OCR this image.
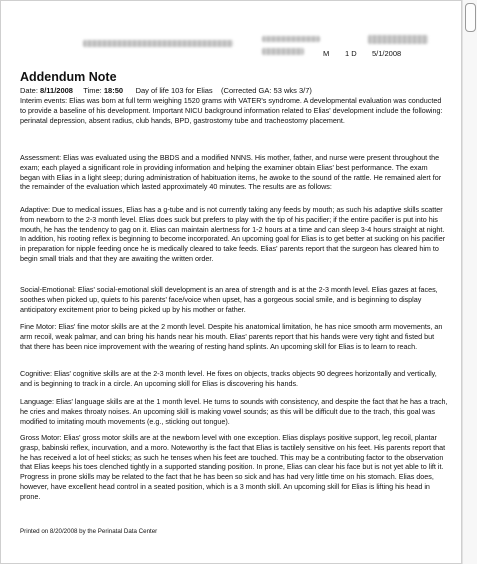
M 1 D 5/1/2008
Addendum Note
Date: 8/11/2008 Time: 18:50 Day of life 103 for Elias (Corrected GA: 53 wks 3/7)

Interim events: Elias was born at full term weighing 1520 grams with VATER's syndrome. A developmental evaluation was conducted to provide a baseline of his development. Important NICU background information related to Elias' development include the following: perinatal depression, absent radius, club hands, BPD, gastrostomy tube and tracheostomy placement.

Assessment: Elias was evaluated using the BBDS and a modified NNNS. His mother, father, and nurse were present throughout the exam; each played a significant role in providing information and helping the examiner obtain Elias' best performance. The exam began with Elias in a light sleep; during administration of habituation items, he awoke to the sound of the rattle. He remained alert for the remainder of the evaluation which lasted approximately 40 minutes. The results are as follows:

Adaptive: Due to medical issues, Elias has a g-tube and is not currently taking any feeds by mouth; as such his adaptive skills scatter from newborn to the 2-3 month level. Elias does suck but prefers to play with the tip of his pacifier; if the entire pacifier is put into his mouth, he has the tendency to gag on it. Elias can maintain alertness for 1-2 hours at a time and can sleep 3-4 hours straight at night. In addition, his rooting reflex is beginning to become incorporated. An upcoming goal for Elias is to get better at sucking on his pacifier in preparation for nipple feeding once he is medically cleared to take feeds. Elias' parents report that the surgeon has cleared him to begin small trials and that they are awaiting the written order.

Social-Emotional: Elias' social-emotional skill development is an area of strength and is at the 2-3 month level. Elias gazes at faces, soothes when picked up, quiets to his parents' face/voice when upset, has a gorgeous social smile, and is beginning to display anticipatory excitement prior to being picked up by his mother or father.

Fine Motor: Elias' fine motor skills are at the 2 month level. Despite his anatomical limitation, he has nice smooth arm movements, an arm recoil, weak palmar, and can bring his hands near his mouth. Elias' parents report that his hands were very tight and fisted but that there has been nice improvement with the wearing of resting hand splints. An upcoming skill for Elias is to learn to reach.

Cognitive: Elias' cognitive skills are at the 2-3 month level. He fixes on objects, tracks objects 90 degrees horizontally and vertically, and is beginning to track in a circle. An upcoming skill for Elias is discovering his hands.

Language: Elias' language skills are at the 1 month level. He turns to sounds with consistency, and despite the fact that he has a trach, he cries and makes throaty noises. An upcoming skill is making vowel sounds; as this will be difficult due to the trach, this goal was modified to imitating mouth movements (e.g., sticking out tongue).

Gross Motor: Elias' gross motor skills are at the newborn level with one exception. Elias displays positive support, leg recoil, plantar grasp, babinski reflex, incurvation, and a moro. Noteworthy is the fact that Elias is tactilely sensitive on his feet. His parents report that he has received a lot of heel sticks; as such he tenses when his feet are touched. This may be a contributing factor to the observation that Elias keeps his toes clenched tightly in a supported standing position. In prone, Elias can clear his face but is not yet able to lift it. Progress in prone skills may be related to the fact that he has been so sick and has had very little time on his stomach. Elias does, however, have excellent head control in a seated position, which is a 3 month skill. An upcoming skill for Elias is lifting his head in prone.

Printed on 8/20/2008 by the Perinatal Data Center
